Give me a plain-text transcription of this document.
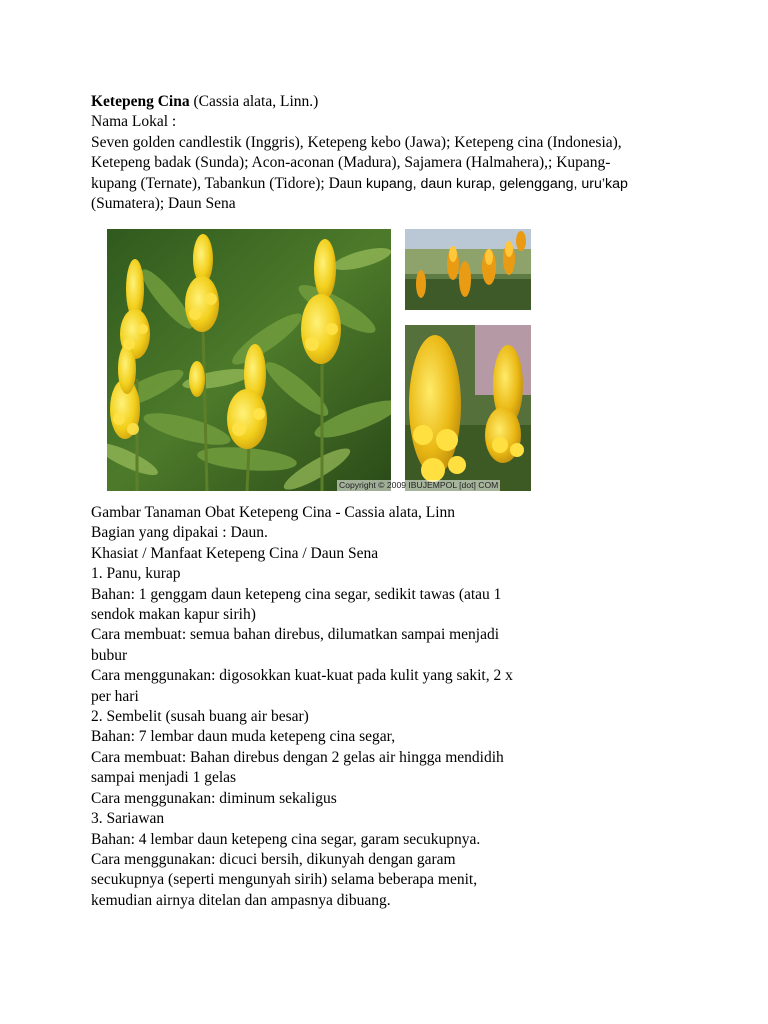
Ketepeng Cina (Cassia alata, Linn.)
Nama Lokal :
Seven golden candlestik (Inggris), Ketepeng kebo (Jawa); Ketepeng cina (Indonesia),
Ketepeng badak (Sunda); Acon-aconan (Madura), Sajamera (Halmahera),; Kupang-
kupang (Ternate), Tabankun (Tidore); Daun kupang, daun kurap, gelenggang, uru’kap
(Sumatera); Daun Sena
Copyright © 2009 IBUJEMPOL [dot] COM
Gambar Tanaman Obat Ketepeng Cina - Cassia alata, Linn
Bagian yang dipakai : Daun.
Khasiat / Manfaat Ketepeng Cina / Daun Sena
1. Panu, kurap
Bahan: 1 genggam daun ketepeng cina segar, sedikit tawas (atau 1
sendok makan kapur sirih)
Cara membuat: semua bahan direbus, dilumatkan sampai menjadi
bubur
Cara menggunakan: digosokkan kuat-kuat pada kulit yang sakit, 2 x
per hari
2. Sembelit (susah buang air besar)
Bahan: 7 lembar daun muda ketepeng cina segar,
Cara membuat: Bahan direbus dengan 2 gelas air hingga mendidih
sampai menjadi 1 gelas
Cara menggunakan: diminum sekaligus
3. Sariawan
Bahan: 4 lembar daun ketepeng cina segar, garam secukupnya.
Cara menggunakan: dicuci bersih, dikunyah dengan garam
secukupnya (seperti mengunyah sirih) selama beberapa menit,
kemudian airnya ditelan dan ampasnya dibuang.
